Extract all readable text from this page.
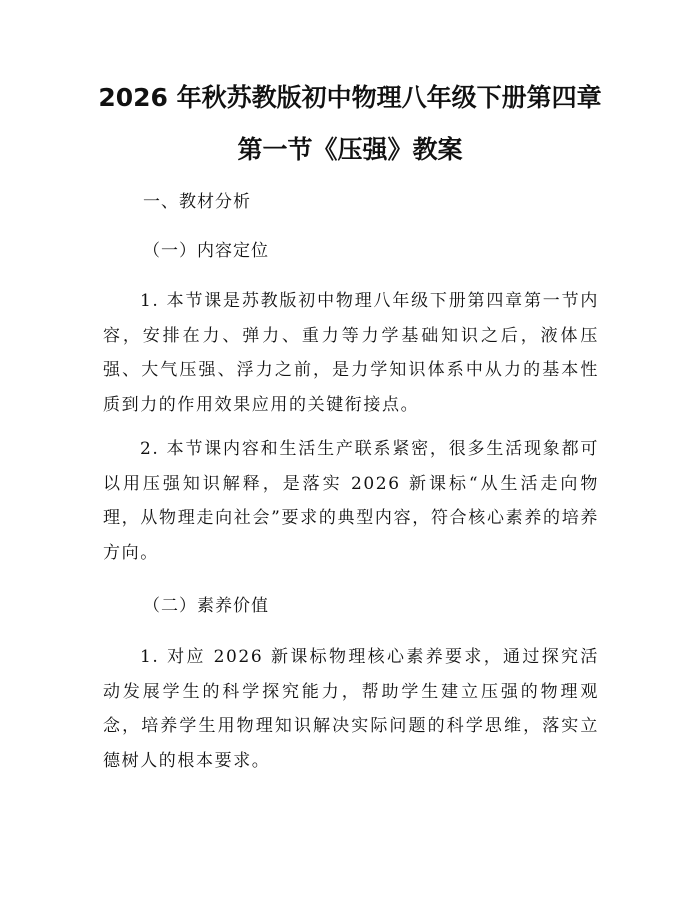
2026 年秋苏教版初中物理八年级下册第四章
第一节《压强》教案
一、教材分析
（一）内容定位

1. 本节课是苏教版初中物理八年级下册第四章第一节内容，安排在力、弹力、重力等力学基础知识之后，液体压强、大气压强、浮力之前，是力学知识体系中从力的基本性质到力的作用效果应用的关键衔接点。

2. 本节课内容和生活生产联系紧密，很多生活现象都可以用压强知识解释，是落实 2026 新课标“从生活走向物理，从物理走向社会”要求的典型内容，符合核心素养的培养方向。

（二）素养价值

1. 对应 2026 新课标物理核心素养要求，通过探究活动发展学生的科学探究能力，帮助学生建立压强的物理观念，培养学生用物理知识解决实际问题的科学思维，落实立德树人的根本要求。
